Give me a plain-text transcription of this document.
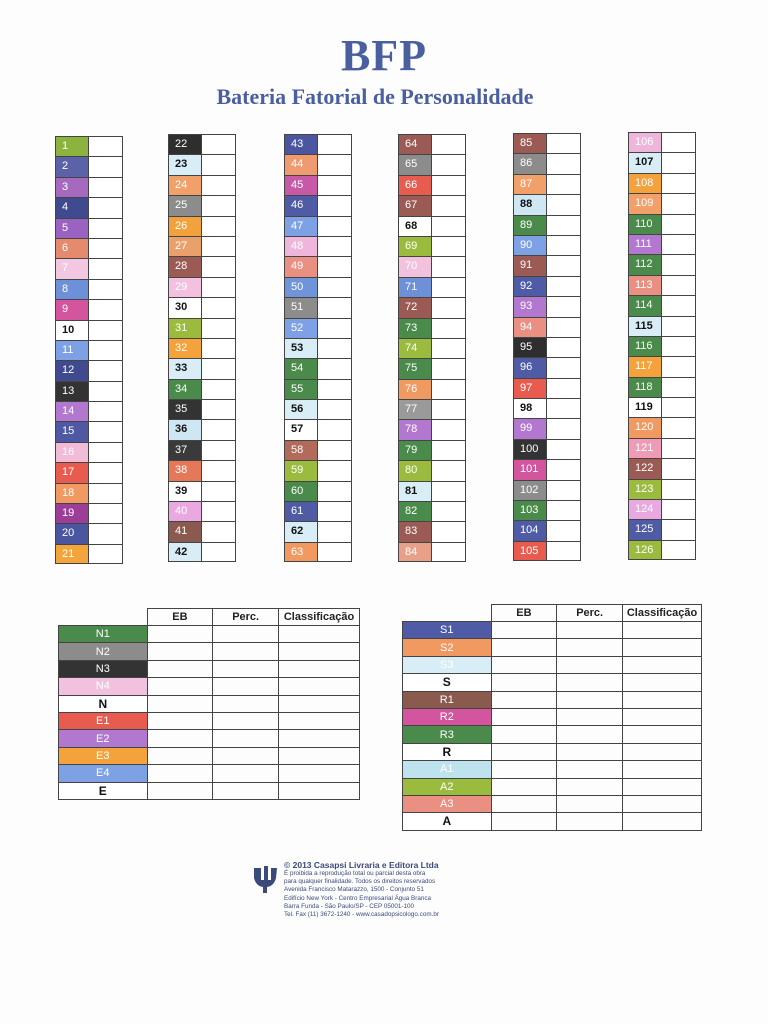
BFP
Bateria Fatorial de Personalidade
1
2
3
4
5
6
7
8
9
10
11
12
13
14
15
16
17
18
19
20
21
22
23
24
25
26
27
28
29
30
31
32
33
34
35
36
37
38
39
40
41
42
43
44
45
46
47
48
49
50
51
52
53
54
55
56
57
58
59
60
61
62
63
64
65
66
67
68
69
70
71
72
73
74
75
76
77
78
79
80
81
82
83
84
85
86
87
88
89
90
91
92
93
94
95
96
97
98
99
100
101
102
103
104
105
106
107
108
109
110
111
112
113
114
115
116
117
118
119
120
121
122
123
124
125
126
	EB	Perc.	Classificação
N1			
N2			
N3			
N4			
N			
E1			
E2			
E3			
E4			
E			
	EB	Perc.	Classificação
S1			
S2			
S3			
S			
R1			
R2			
R3			
R			
A1			
A2			
A3			
A			
© 2013 Casapsi Livraria e Editora Ltda
É proibida a reprodução total ou parcial desta obra
para qualquer finalidade. Todos os direitos reservados
Avenida Francisco Matarazzo, 1500 - Conjunto 51
Edifício New York - Centro Empresarial Água Branca
Barra Funda - São Paulo/SP - CEP 05001-100
Tel. Fax (11) 3672-1240 - www.casadopsicologo.com.br
